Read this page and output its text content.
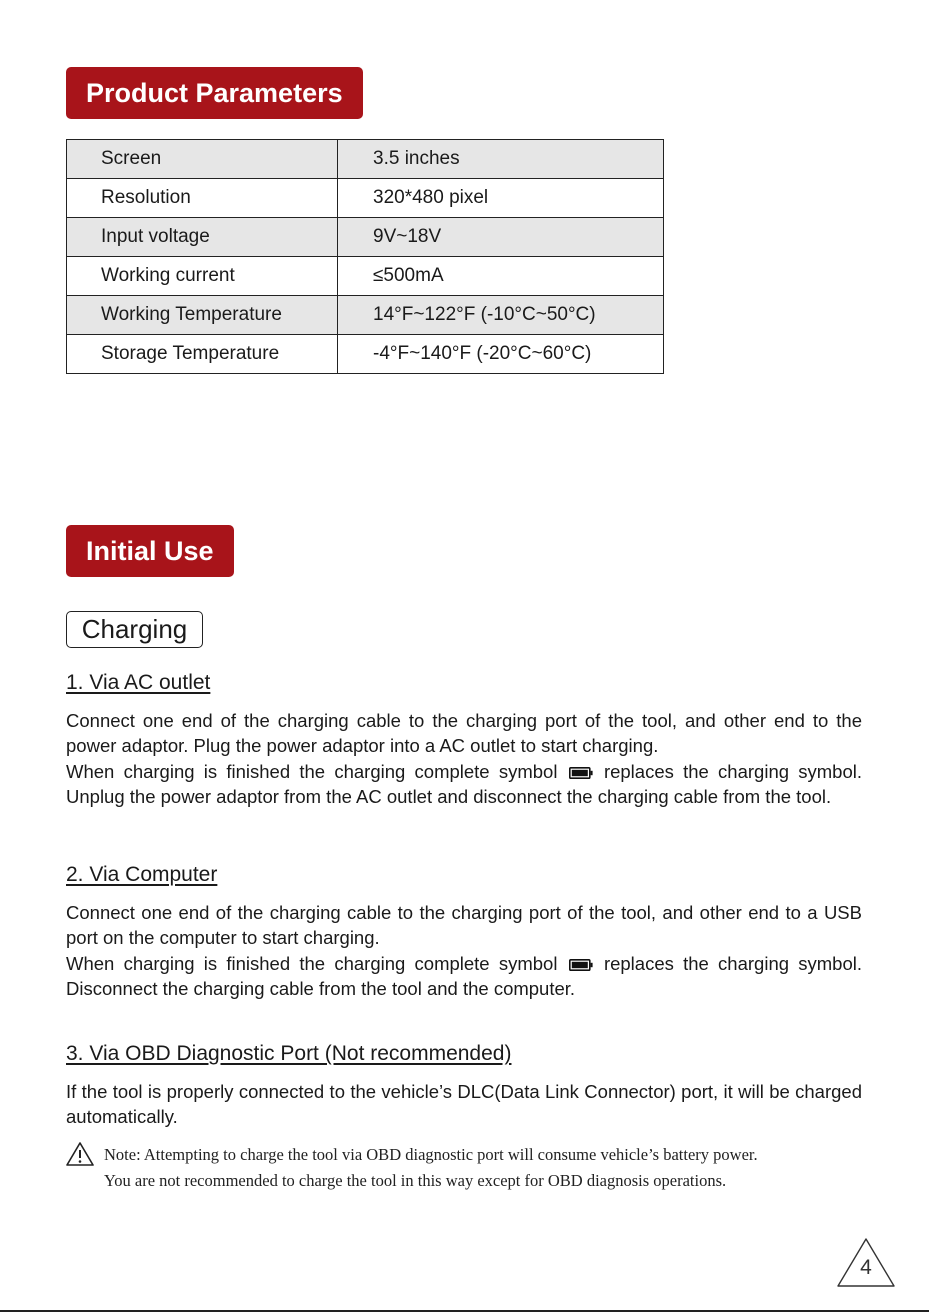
Product Parameters
Screen	3.5 inches
Resolution	320*480 pixel
Input voltage	9V~18V
Working current	≤500mA
Working Temperature	14°F~122°F (-10°C~50°C)
Storage Temperature	-4°F~140°F (-20°C~60°C)
Initial Use
Charging
1. Via AC outlet

Connect one end of the charging cable to the charging port of the tool, and other end to the power adaptor. Plug the power adaptor into a AC outlet to start charging.

When charging is finished the charging complete symbol	replaces the charging symbol. Unplug the power adaptor from the AC outlet and disconnect the charging cable from the tool.

2. Via Computer

Connect one end of the charging cable to the charging port of the tool, and other end to a USB port on the computer to start charging.

When charging is finished the charging complete symbol	replaces the charging symbol. Disconnect the charging cable from the tool and the computer.

3. Via OBD Diagnostic Port (Not recommended)

If the tool is properly connected to the vehicle’s DLC(Data Link Connector) port, it will be charged automatically.

Note: Attempting to charge the tool via OBD diagnostic port will consume vehicle’s battery power.
You are not recommended to charge the tool in this way except for OBD diagnosis operations.
4
